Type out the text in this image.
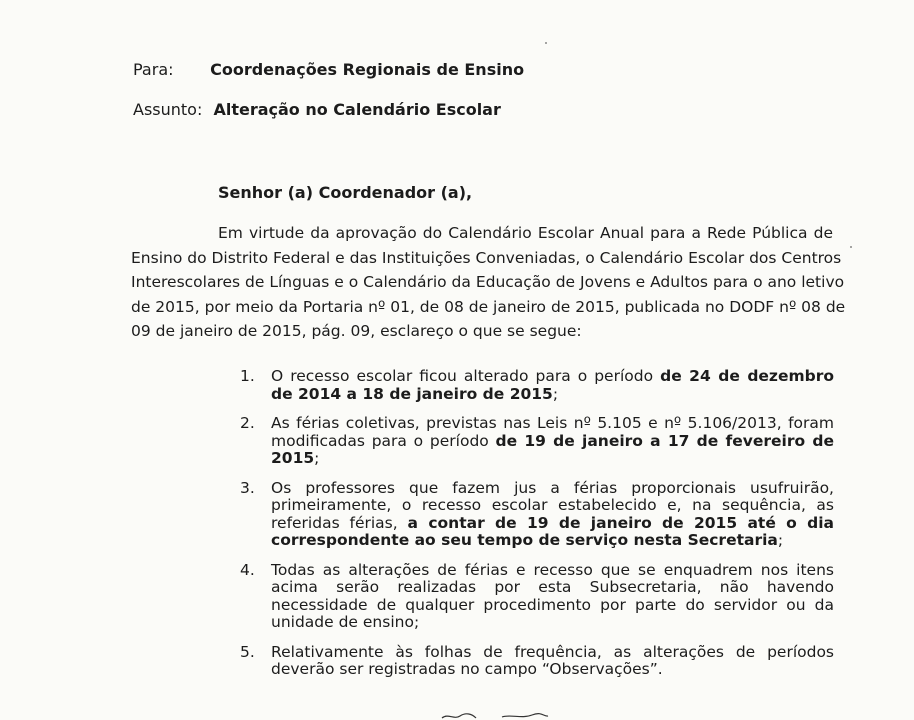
Para: Coordenações Regionais de Ensino
Assunto: Alteração no Calendário Escolar
Senhor (a) Coordenador (a),
Em virtude da aprovação do Calendário Escolar Anual para a Rede Pública de
Ensino do Distrito Federal e das Instituições Conveniadas, o Calendário Escolar dos Centros
Interescolares de Línguas e o Calendário da Educação de Jovens e Adultos para o ano letivo
de 2015, por meio da Portaria nº 01, de 08 de janeiro de 2015, publicada no DODF nº 08 de
09 de janeiro de 2015, pág. 09, esclareço o que se segue:
1. O recesso escolar ficou alterado para o período de 24 de dezembro de 2014 a 18 de janeiro de 2015;
2. As férias coletivas, previstas nas Leis nº 5.105 e nº 5.106/2013, foram modificadas para o período de 19 de janeiro a 17 de fevereiro de 2015;
3. Os professores que fazem jus a férias proporcionais usufruirão, primeiramente, o recesso escolar estabelecido e, na sequência, as referidas férias, a contar de 19 de janeiro de 2015 até o dia correspondente ao seu tempo de serviço nesta Secretaria;
4. Todas as alterações de férias e recesso que se enquadrem nos itens acima serão realizadas por esta Subsecretaria, não havendo necessidade de qualquer procedimento por parte do servidor ou da unidade de ensino;
5. Relativamente às folhas de frequência, as alterações de períodos deverão ser registradas no campo “Observações”.
